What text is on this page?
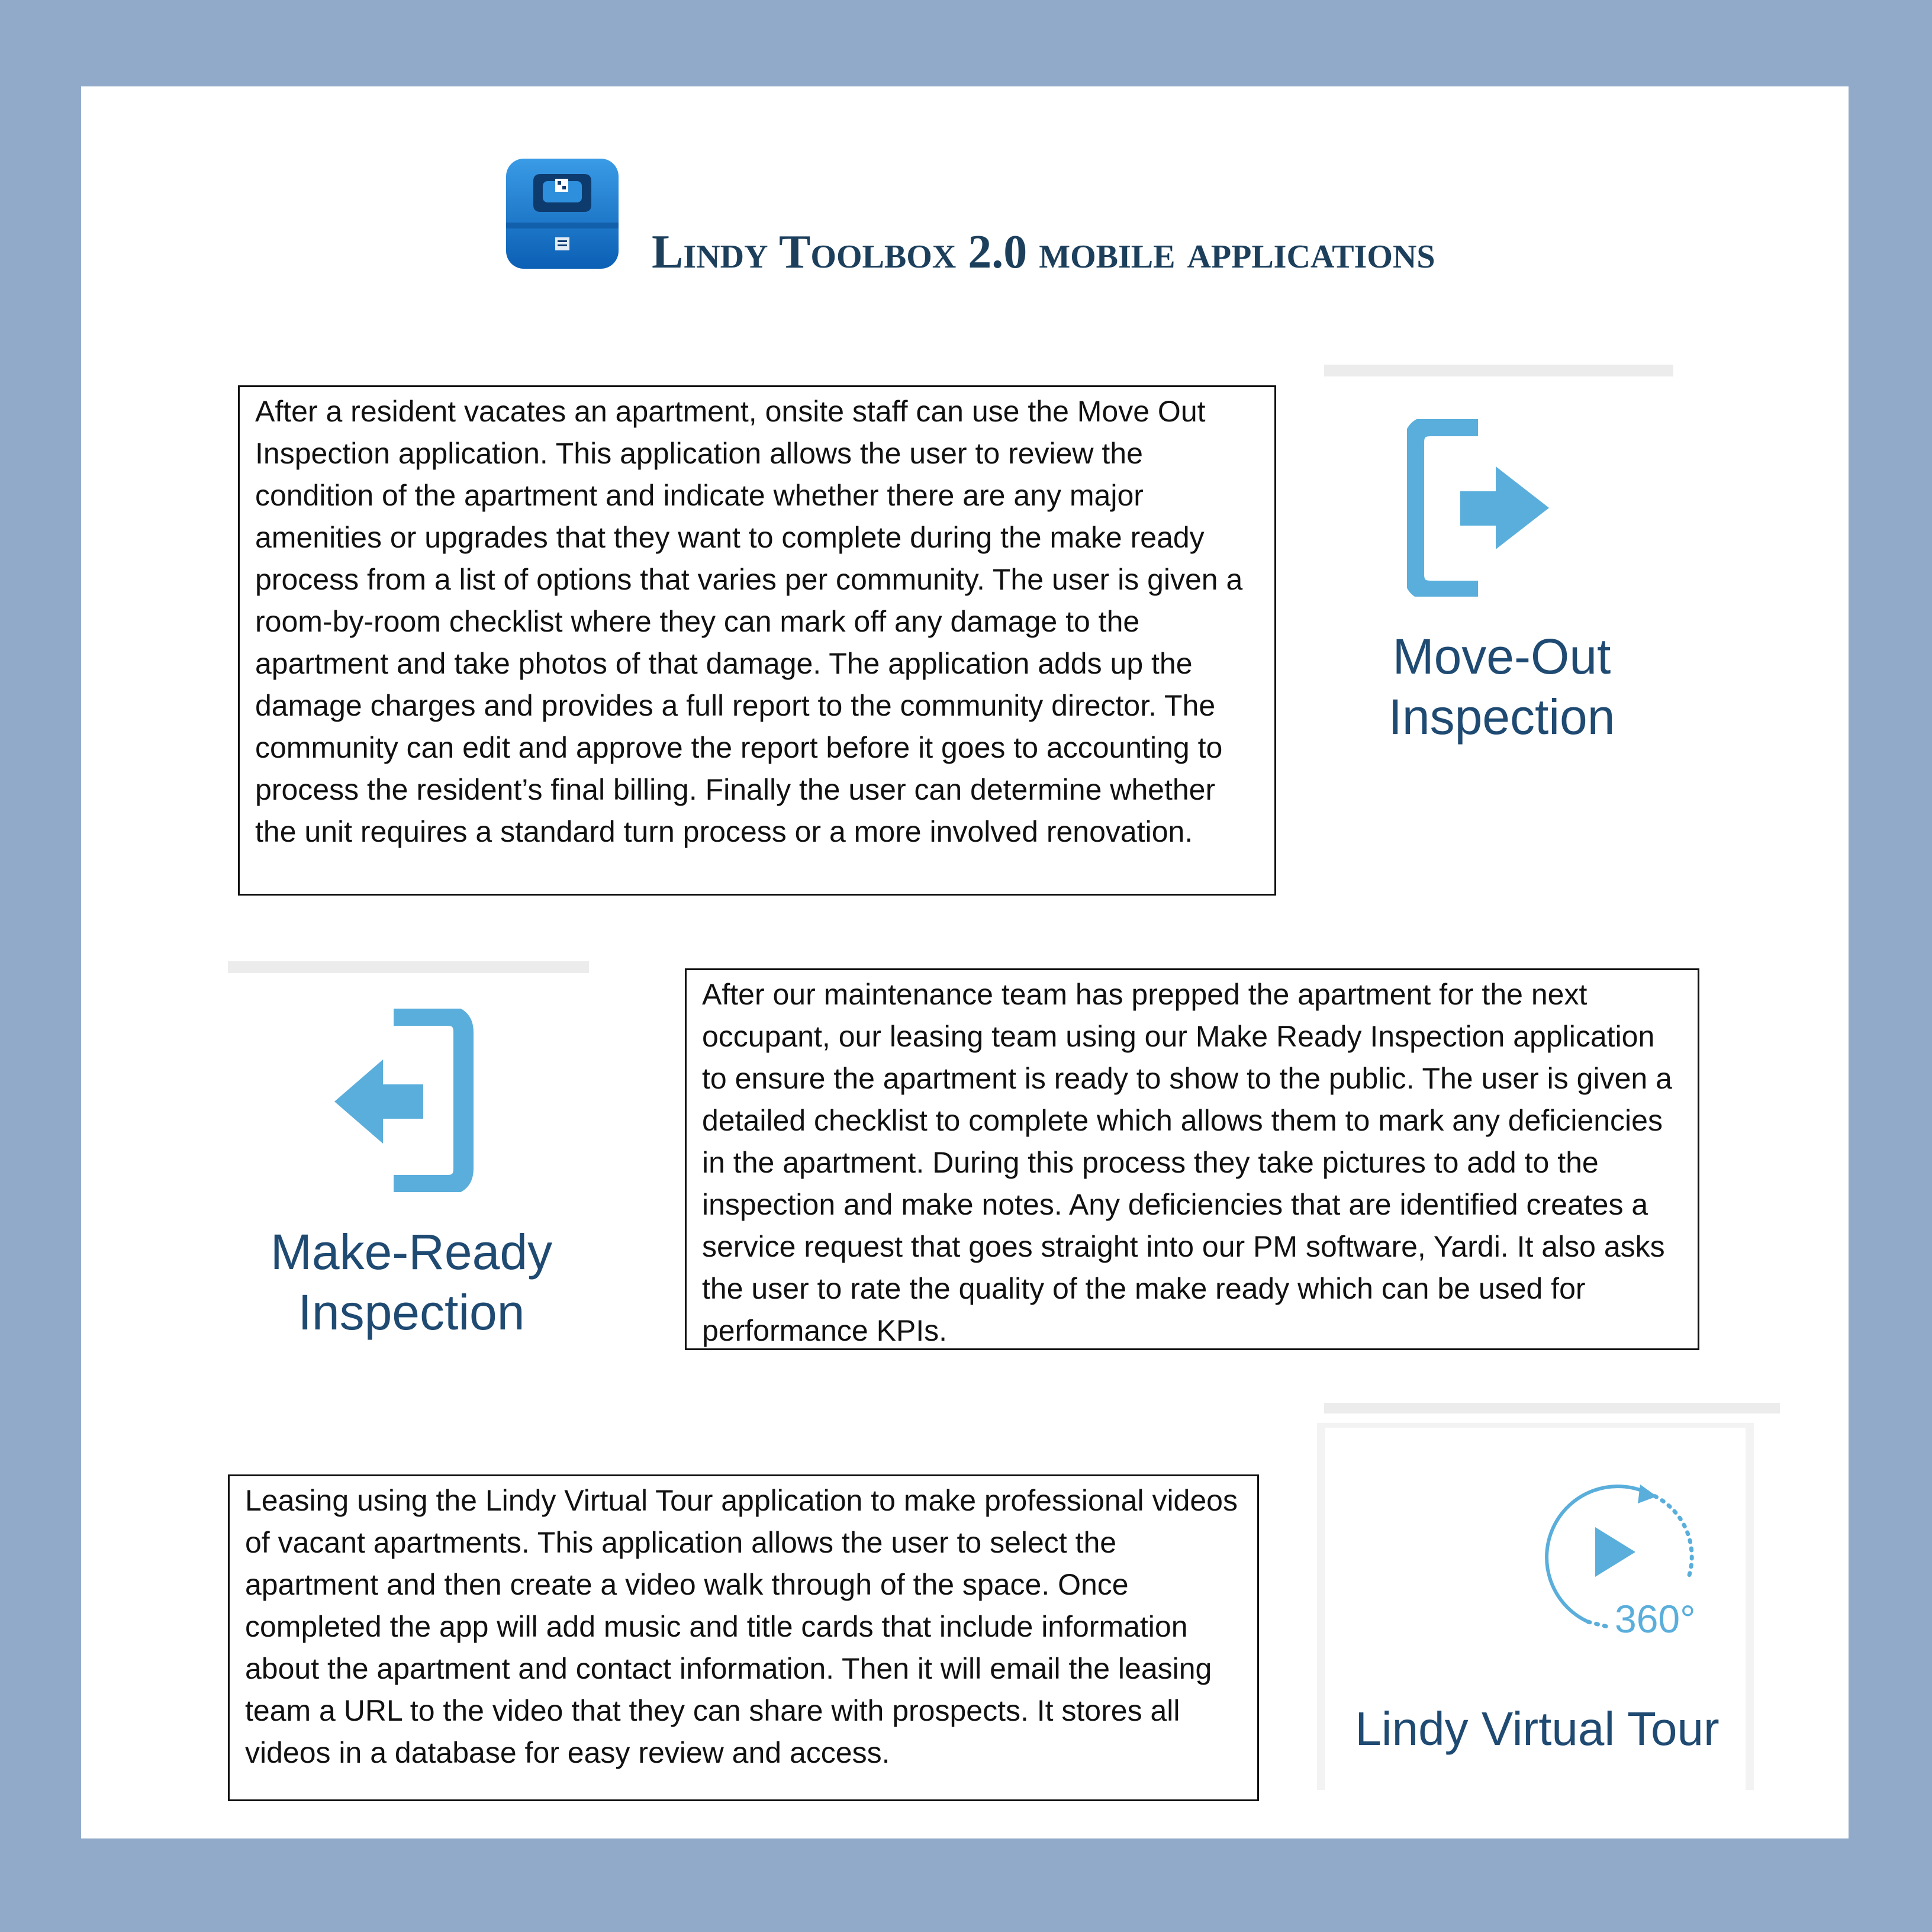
Lindy Toolbox 2.0 mobile applications

After a resident vacates an apartment, onsite staff can use the Move Out Inspection application. This application allows the user to review the condition of the apartment and indicate whether there are any major amenities or upgrades that they want to complete during the make ready process from a list of options that varies per community. The user is given a room-by-room checklist where they can mark off any damage to the apartment and take photos of that damage. The application adds up the damage charges and provides a full report to the community director. The community can edit and approve the report before it goes to accounting to process the resident’s final billing. Finally the user can determine whether the unit requires a standard turn process or a more involved renovation.

Move-Out
Inspection

Make-Ready
Inspection

After our maintenance team has prepped the apartment for the next occupant, our leasing team using our Make Ready Inspection application to ensure the apartment is ready to show to the public. The user is given a detailed checklist to complete which allows them to mark any deficiencies in the apartment. During this process they take pictures to add to the inspection and make notes. Any deficiencies that are identified creates a service request that goes straight into our PM software, Yardi. It also asks the user to rate the quality of the make ready which can be used for performance KPIs.

Leasing using the Lindy Virtual Tour application to make professional videos of vacant apartments. This application allows the user to select the apartment and then create a video walk through of the space. Once completed the app will add music and title cards that include information about the apartment and contact information. Then it will email the leasing team a URL to the video that they can share with prospects. It stores all videos in a database for easy review and access.

360°

Lindy Virtual Tour
